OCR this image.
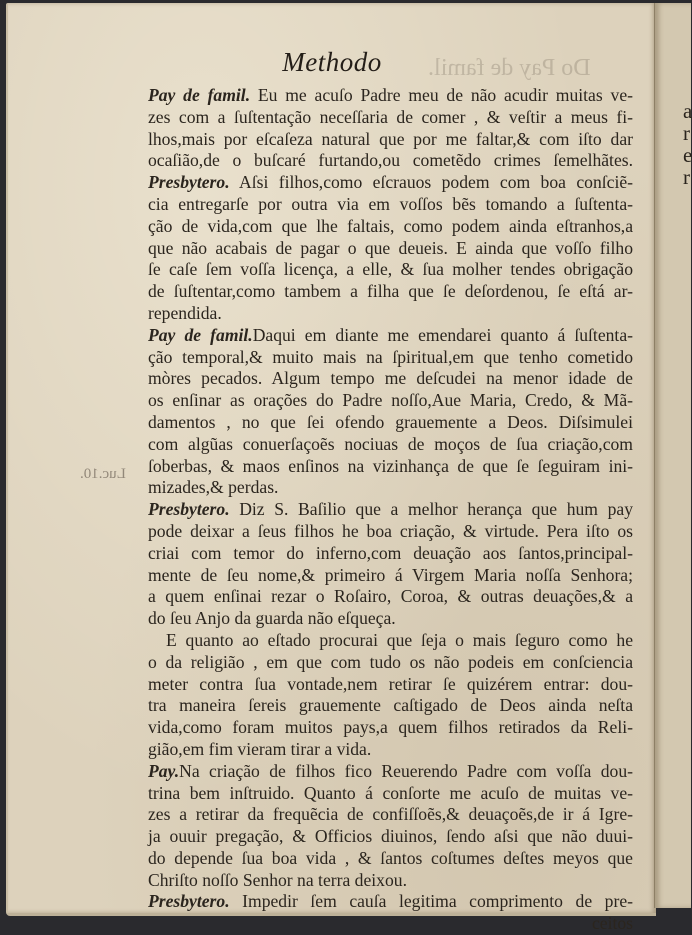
Do Pay de famil.
Luc.10.
Methodo
Pay de famil. Eu me acuſo Padre meu de não acudir muitas ve-
zes com a ſuſtentação neceſſaria de comer , & veſtir a meus fi-
lhos,mais por eſcaſeza natural que por me faltar,& com iſto dar
ocaſião,de o buſcaré furtando,ou cometẽdo crimes ſemelhãtes.
Presbytero. Aſsi filhos,como eſcrauos podem com boa conſciẽ-
cia entregarſe por outra via em voſſos bẽs tomando a ſuſtenta-
ção de vida,com que lhe faltais, como podem ainda eſtranhos,a
que não acabais de pagar o que deueis. E ainda que voſſo filho
ſe caſe ſem voſſa licença, a elle, & ſua molher tendes obrigação
de ſuſtentar,como tambem a filha que ſe deſordenou, ſe eſtá ar-
rependida.
Pay de famil.Daqui em diante me emendarei quanto á ſuſtenta-
ção temporal,& muito mais na ſpiritual,em que tenho cometido
mòres pecados. Algum tempo me deſcudei na menor idade de
os enſinar as orações do Padre noſſo,Aue Maria, Credo, & Mã-
damentos , no que ſei ofendo grauemente a Deos. Diſsimulei
com algũas conuerſaçoẽs nociuas de moços de ſua criação,com
ſoberbas, & maos enſinos na vizinhança de que ſe ſeguiram ini-
mizades,& perdas.
Presbytero. Diz S. Baſilio que a melhor herança que hum pay
pode deixar a ſeus filhos he boa criação, & virtude. Pera iſto os
criai com temor do inferno,com deuação aos ſantos,principal-
mente de ſeu nome,& primeiro á Virgem Maria noſſa Senhora;
a quem enſinai rezar o Roſairo, Coroa, & outras deuações,& a
do ſeu Anjo da guarda não eſqueça.
E quanto ao eſtado procurai que ſeja o mais ſeguro como he
o da religião , em que com tudo os não podeis em conſciencia
meter contra ſua vontade,nem retirar ſe quizérem entrar: dou-
tra maneira ſereis grauemente caſtigado de Deos ainda neſta
vida,como foram muitos pays,a quem filhos retirados da Reli-
gião,em fim vieram tirar a vida.
Pay.Na criação de filhos fico Reuerendo Padre com voſſa dou-
trina bem inſtruido. Quanto á conſorte me acuſo de muitas ve-
zes a retirar da frequẽcia de confiſſoẽs,& deuaçoẽs,de ir á Igre-
ja ouuir pregação, & Officios diuinos, ſendo aſsi que não duui-
do depende ſua boa vida , & ſantos coſtumes deſtes meyos que
Chriſto noſſo Senhor na terra deixou.
Presbytero. Impedir ſem cauſa legitima comprimento de pre-
ceitos
a
r
e
r
